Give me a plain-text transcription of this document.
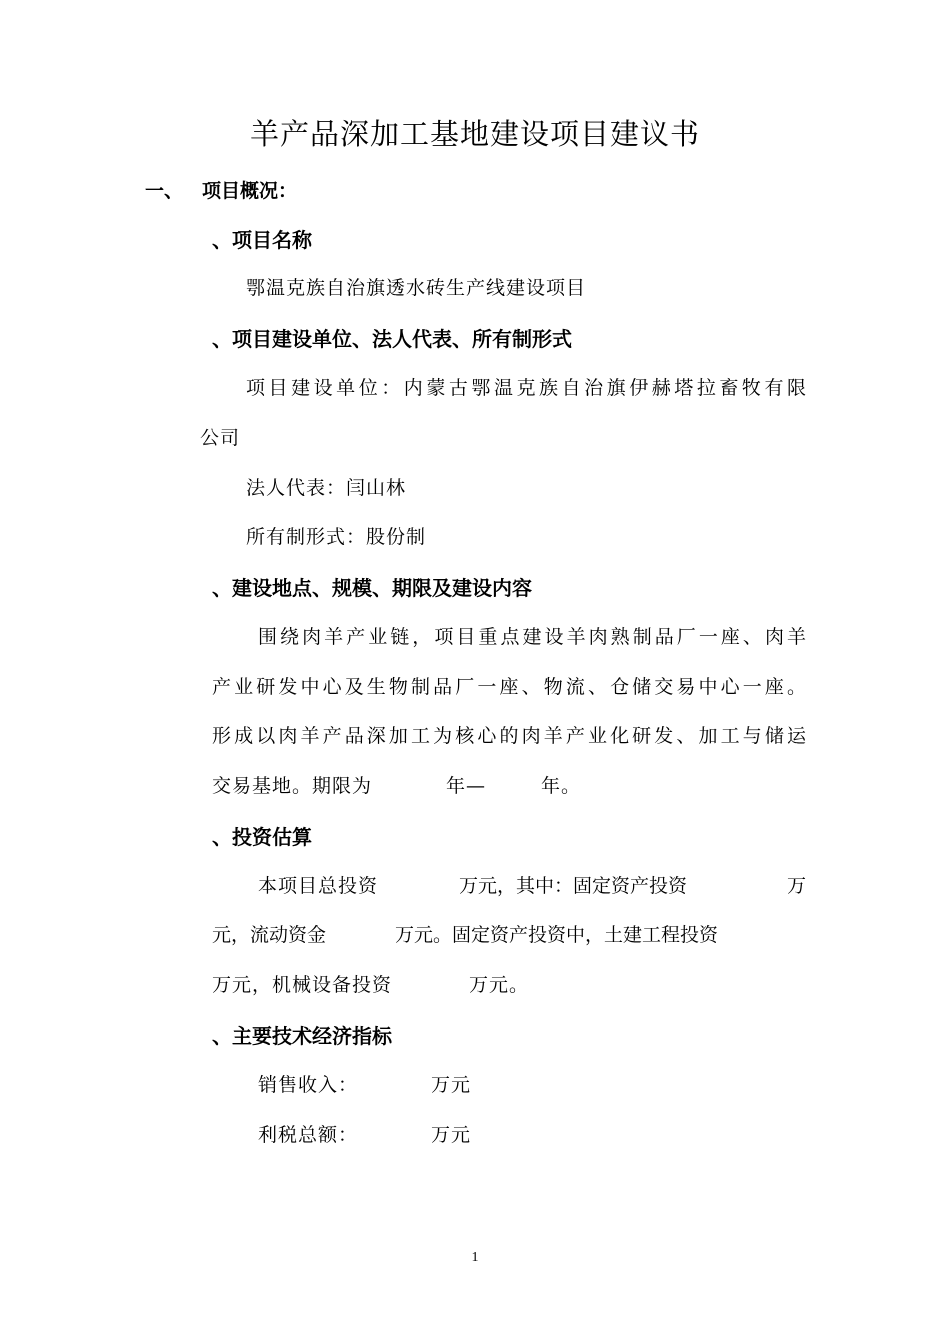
羊产品深加工基地建设项目建议书
一、 项目概况：
、项目名称
鄂温克族自治旗透水砖生产线建设项目
、项目建设单位、法人代表、所有制形式
项目建设单位：内蒙古鄂温克族自治旗伊赫塔拉畜牧有限
公司
法人代表：闫山林
所有制形式：股份制
、建设地点、规模、期限及建设内容
围绕肉羊产业链，项目重点建设羊肉熟制品厂一座、肉羊
产业研发中心及生物制品厂一座、物流、仓储交易中心一座。
形成以肉羊产品深加工为核心的肉羊产业化研发、加工与储运
交易基地。期限为	年—	年。
、投资估算
本项目总投资	万元，其中：固定资产投资	万
元，流动资金	万元。固定资产投资中，土建工程投资
万元，机械设备投资	万元。
、主要技术经济指标
销售收入：	万元
利税总额：	万元
1
